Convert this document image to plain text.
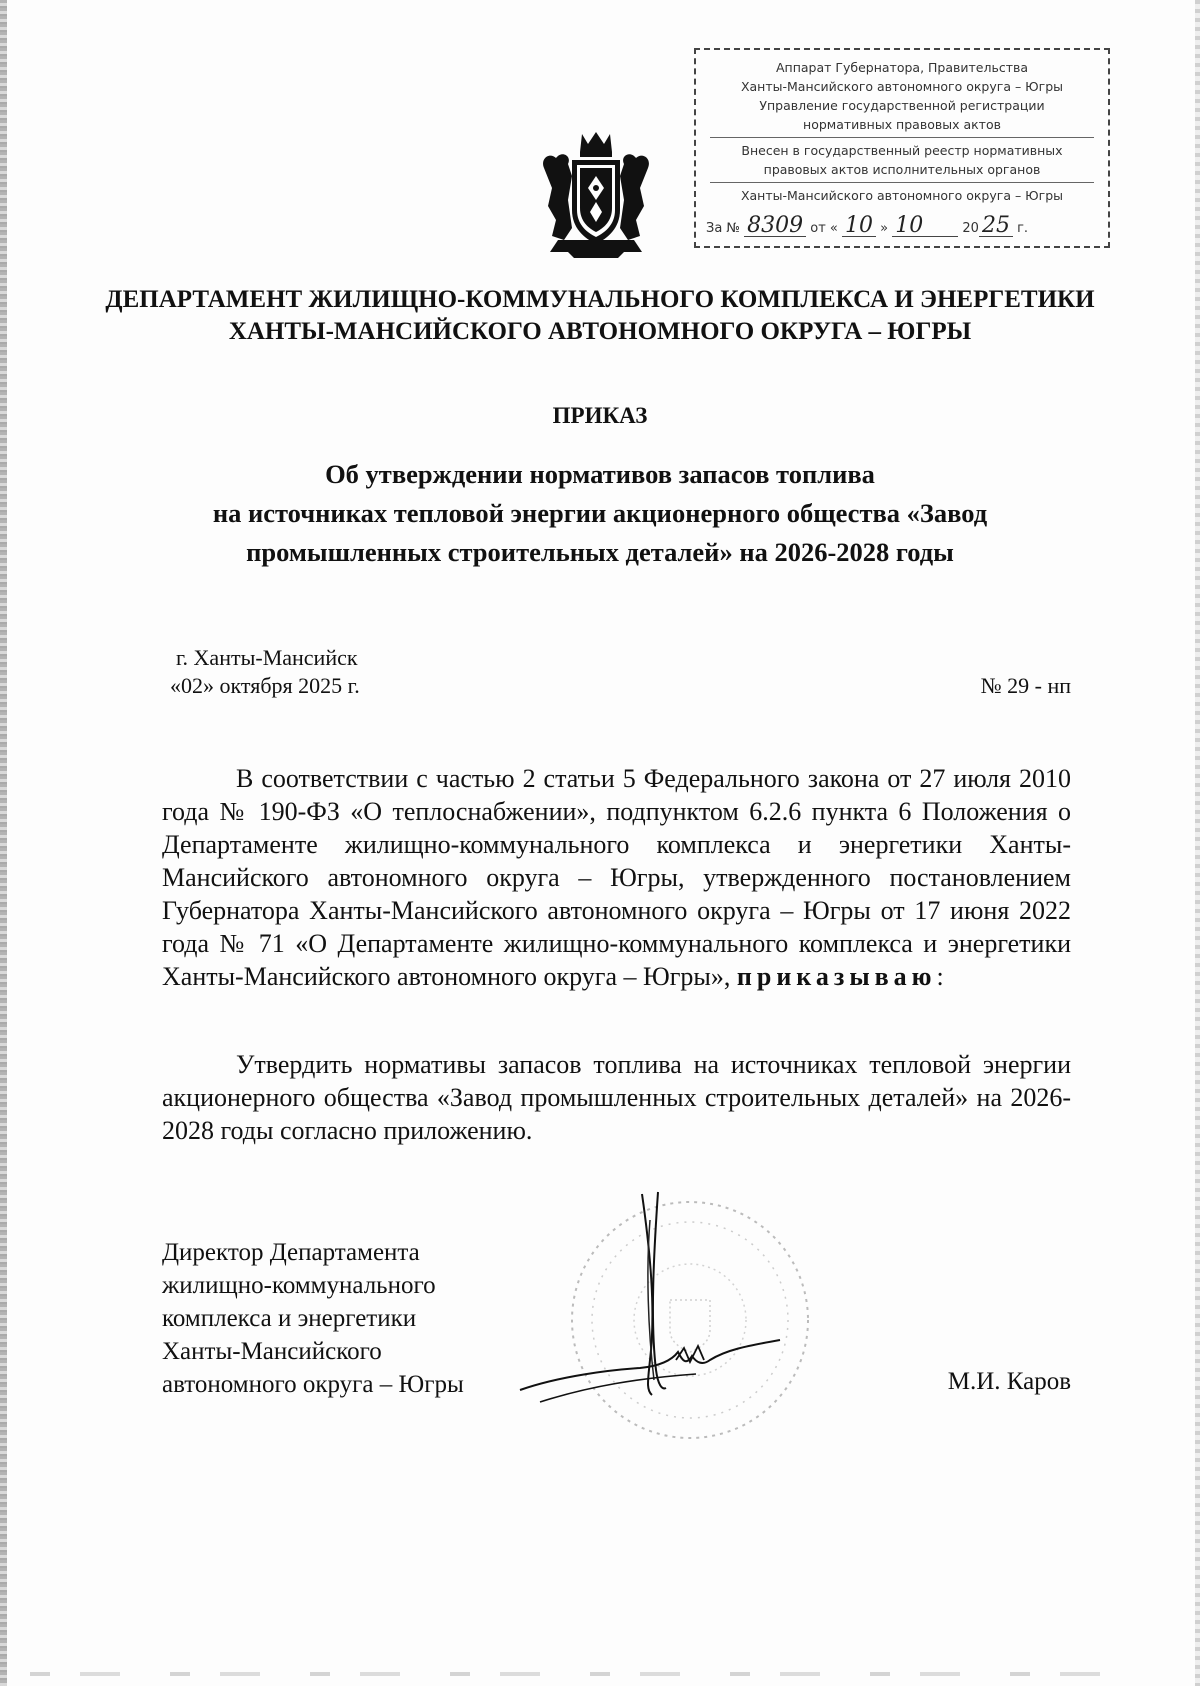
Аппарат Губернатора, Правительства
Ханты-Мансийского автономного округа – Югры
Управление государственной регистрации
нормативных правовых актов
Внесен в государственный реестр нормативных
правовых актов исполнительных органов
Ханты-Мансийского автономного округа – Югры
За № 8309 от « 10 » 10	20 25 г.
ДЕПАРТАМЕНТ ЖИЛИЩНО-КОММУНАЛЬНОГО КОМПЛЕКСА И ЭНЕРГЕТИКИ
ХАНТЫ-МАНСИЙСКОГО АВТОНОМНОГО ОКРУГА – ЮГРЫ
ПРИКАЗ
Об утверждении нормативов запасов топлива
на источниках тепловой энергии акционерного общества «Завод
промышленных строительных деталей» на 2026-2028 годы
г. Ханты-Мансийск
«02» октября 2025 г.	№ 29 - нп

В соответствии с частью 2 статьи 5 Федерального закона от 27 июля 2010 года № 190-ФЗ «О теплоснабжении», подпунктом 6.2.6 пункта 6 Положения о Департаменте жилищно-коммунального комплекса и энергетики Ханты-Мансийского автономного округа – Югры, утвержденного постановлением Губернатора Ханты-Мансийского автономного округа – Югры от 17 июня 2022 года № 71 «О Департаменте жилищно-коммунального комплекса и энергетики Ханты-Мансийского автономного округа – Югры», приказываю:

Утвердить нормативы запасов топлива на источниках тепловой энергии акционерного общества «Завод промышленных строительных деталей» на 2026-2028 годы согласно приложению.

Директор Департамента
жилищно-коммунального
комплекса и энергетики
Ханты-Мансийского
автономного округа – Югры	М.И. Каров
